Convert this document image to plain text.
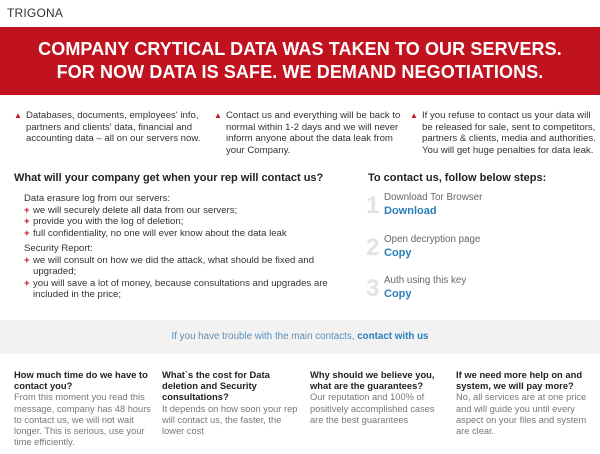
TRIGONA
COMPANY CRYTICAL DATA WAS TAKEN TO OUR SERVERS.
FOR NOW DATA IS SAFE. WE DEMAND NEGOTIATIONS.
▲ Databases, documents, employees' info, partners and clients' data, financial and accounting data – all on our servers now.
▲ Contact us and everything will be back to normal within 1-2 days and we will never inform anyone about the data leak from your Company.
▲ If you refuse to contact us your data will be released for sale, sent to competitors, partners & clients, media and authorities. You will get huge penalties for data leak.
What will your company get when your rep will contact us?
Data erasure log from our servers:
+ we will securely delete all data from our servers;
+ provide you with the log of deletion;
+ full confidentiality, no one will ever know about the data leak
Security Report:
+ we will consult on how we did the attack, what should be fixed and upgraded;
+ you will save a lot of money, because consultations and upgrades are included in the price;
To contact us, follow below steps:
1 Download Tor Browser
Download
2 Open decryption page
Copy
3 Auth using this key
Copy
If you have trouble with the main contacts, contact with us
How much time do we have to contact you?
From this moment you read this message, company has 48 hours to contact us, we will not wait longer. This is serious, use your time efficiently.
What`s the cost for Data deletion and Security consultations?
It depends on how soon your rep will contact us, the faster, the lower cost
Why should we believe you, what are the guarantees?
Our reputation and 100% of positively accomplished cases are the best guarantees
If we need more help on and system, we will pay more?
No, all services are at one price and will guide you until every aspect on your files and system are clear.
